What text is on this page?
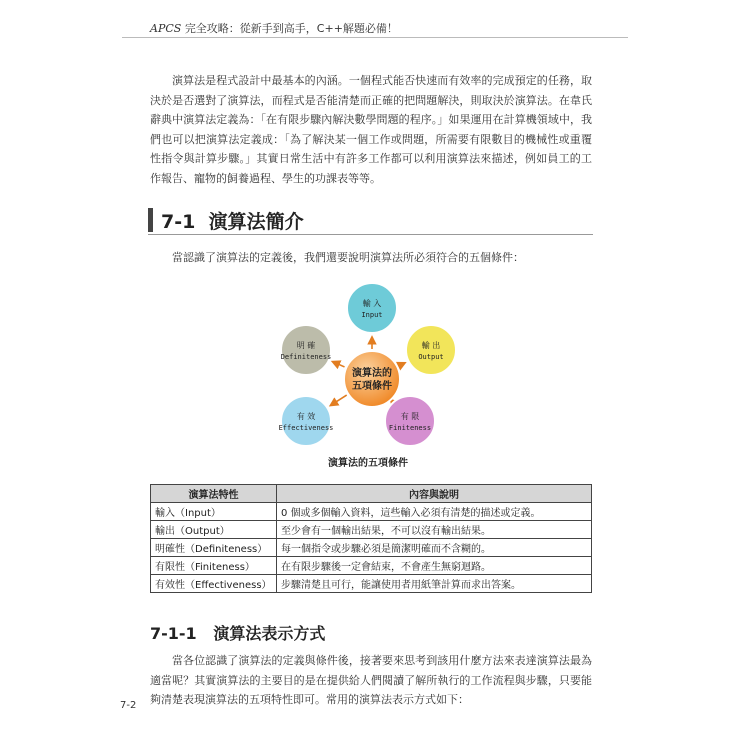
APCS 完全攻略：從新手到高手，C++解題必備！

演算法是程式設計中最基本的內涵。一個程式能否快速而有效率的完成預定的任務，取決於是否選對了演算法，而程式是否能清楚而正確的把問題解決，則取決於演算法。在韋氏辭典中演算法定義為：「在有限步驟內解決數學問題的程序。」如果運用在計算機領域中，我們也可以把演算法定義成：「為了解決某一個工作或問題，所需要有限數目的機械性或重覆性指令與計算步驟。」其實日常生活中有許多工作都可以利用演算法來描述，例如員工的工作報告、寵物的飼養過程、學生的功課表等等。

7-1 演算法簡介

當認識了演算法的定義後，我們還要說明演算法所必須符合的五個條件：

輸 入
Input
輸 出
Output
有 限
Finiteness
有 效
Effectiveness
明 確
Definiteness
演算法的
五項條件
演算法的五項條件
演算法特性	內容與說明
輸入（Input）	0 個或多個輸入資料，這些輸入必須有清楚的描述或定義。
輸出（Output）	至少會有一個輸出結果，不可以沒有輸出結果。
明確性（Definiteness）	每一個指令或步驟必須是簡潔明確而不含糊的。
有限性（Finiteness）	在有限步驟後一定會結束，不會產生無窮迴路。
有效性（Effectiveness）	步驟清楚且可行，能讓使用者用紙筆計算而求出答案。
7-1-1 演算法表示方式

當各位認識了演算法的定義與條件後，接著要來思考到該用什麼方法來表達演算法最為適當呢？其實演算法的主要目的是在提供給人們閱讀了解所執行的工作流程與步驟，只要能夠清楚表現演算法的五項特性即可。常用的演算法表示方式如下：

7-2
